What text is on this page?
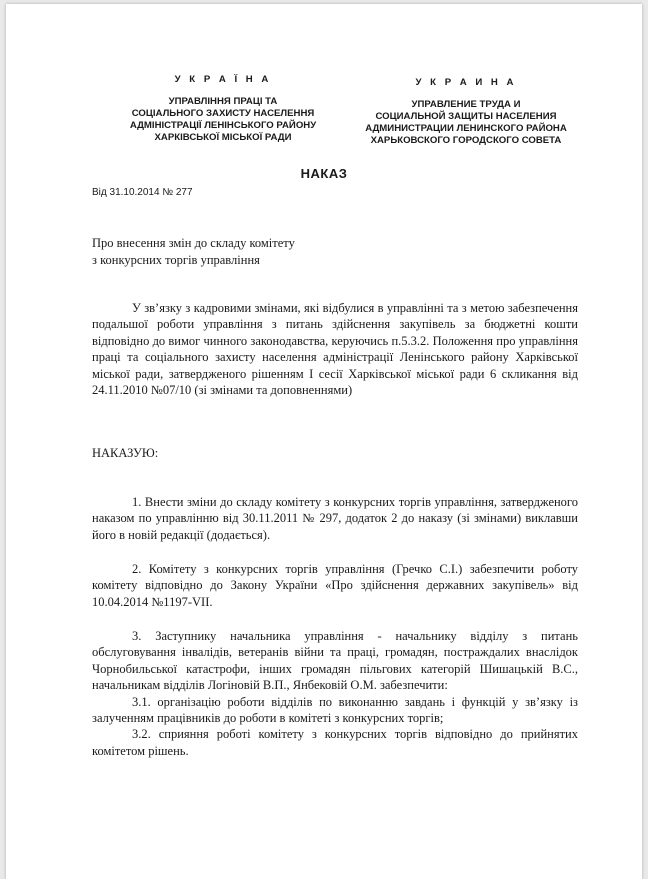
У К Р А Ї Н А
УПРАВЛІННЯ ПРАЦІ ТА
СОЦІАЛЬНОГО ЗАХИСТУ НАСЕЛЕННЯ
АДМІНІСТРАЦІЇ ЛЕНІНСЬКОГО РАЙОНУ
ХАРКІВСЬКОЇ МІСЬКОЇ РАДИ
У К Р А И Н А
УПРАВЛЕНИЕ ТРУДА И
СОЦИАЛЬНОЙ ЗАЩИТЫ НАСЕЛЕНИЯ
АДМИНИСТРАЦИИ ЛЕНИНСКОГО РАЙОНА
ХАРЬКОВСКОГО ГОРОДСКОГО СОВЕТА
НАКАЗ
Від 31.10.2014 № 277
Про внесення змін до складу комітету
з конкурсних торгів управління

У зв’язку з кадровими змінами, які відбулися в управлінні та з метою забезпечення подальшої роботи управління з питань здійснення закупівель за бюджетні кошти відповідно до вимог чинного законодавства, керуючись п.5.3.2. Положення про управління праці та соціального захисту населення адміністрації Ленінського району Харківської міської ради, затвердженого рішенням І сесії Харківської міської ради 6 скликання від 24.11.2010 №07/10 (зі змінами та доповненнями)

НАКАЗУЮ:

1. Внести зміни до складу комітету з конкурсних торгів управління, затвердженого наказом по управлінню від 30.11.2011 № 297, додаток 2 до наказу (зі змінами) виклавши його в новій редакції (додається).

2. Комітету з конкурсних торгів управління (Гречко С.І.) забезпечити роботу комітету відповідно до Закону України «Про здійснення державних закупівель» від 10.04.2014 №1197-VII.

3. Заступнику начальника управління - начальнику відділу з питань обслуговування інвалідів, ветеранів війни та праці, громадян, постраждалих внаслідок Чорнобильської катастрофи, інших громадян пільгових категорій Шишацькій В.С., начальникам відділів Логіновій В.П., Янбековій О.М. забезпечити:

3.1. організацію роботи відділів по виконанню завдань і функцій у зв’язку із залученням працівників до роботи в комітеті з конкурсних торгів;

3.2. сприяння роботі комітету з конкурсних торгів відповідно до прийнятих комітетом рішень.
